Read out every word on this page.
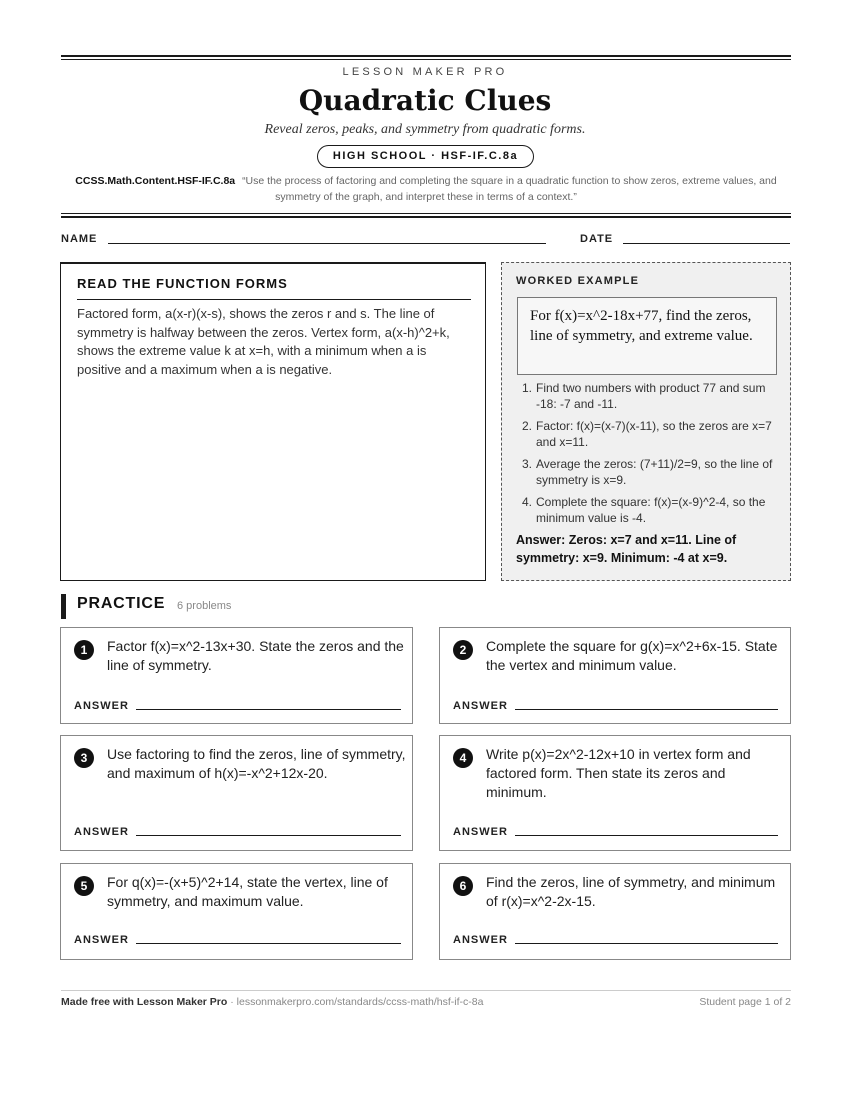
LESSON MAKER PRO
Quadratic Clues
Reveal zeros, peaks, and symmetry from quadratic forms.
HIGH SCHOOL · HSF-IF.C.8a
CCSS.Math.Content.HSF-IF.C.8a “Use the process of factoring and completing the square in a quadratic function to show zeros, extreme values, and symmetry of the graph, and interpret these in terms of a context.”
NAME	DATE
READ THE FUNCTION FORMS
Factored form, a(x-r)(x-s), shows the zeros r and s. The line of symmetry is halfway between the zeros. Vertex form, a(x-h)^2+k, shows the extreme value k at x=h, with a minimum when a is positive and a maximum when a is negative.
WORKED EXAMPLE
For f(x)=x^2-18x+77, find the zeros, line of symmetry, and extreme value.
1. Find two numbers with product 77 and sum -18: -7 and -11.
2. Factor: f(x)=(x-7)(x-11), so the zeros are x=7 and x=11.
3. Average the zeros: (7+11)/2=9, so the line of symmetry is x=9.
4. Complete the square: f(x)=(x-9)^2-4, so the minimum value is -4.
Answer: Zeros: x=7 and x=11. Line of symmetry: x=9. Minimum: -4 at x=9.
PRACTICE 6 problems
1	Factor f(x)=x^2-13x+30. State the zeros and the line of symmetry.
ANSWER
2	Complete the square for g(x)=x^2+6x-15. State the vertex and minimum value.
ANSWER
3	Use factoring to find the zeros, line of symmetry, and maximum of h(x)=-x^2+12x-20.
ANSWER
4	Write p(x)=2x^2-12x+10 in vertex form and factored form. Then state its zeros and minimum.
ANSWER
5	For q(x)=-(x+5)^2+14, state the vertex, line of symmetry, and maximum value.
ANSWER
6	Find the zeros, line of symmetry, and minimum of r(x)=x^2-2x-15.
ANSWER
Made free with Lesson Maker Pro · lessonmakerpro.com/standards/ccss-math/hsf-if-c-8a	Student page 1 of 2
